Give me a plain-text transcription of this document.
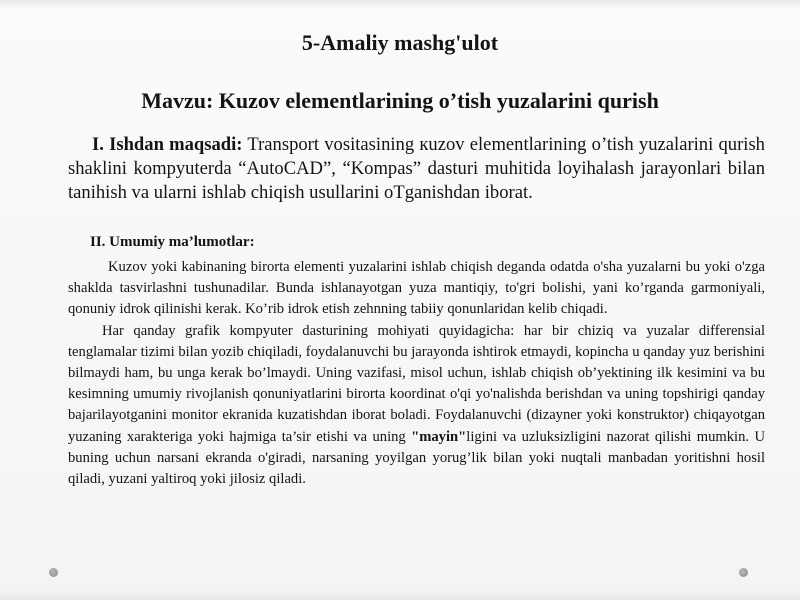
5-Amaliy mashg'ulot
Mavzu: Kuzov elementlarining o’tish yuzalarini qurish

I. Ishdan maqsadi: Transport vositasining кuzov elementlarining o’tish yuzalarini qurish shaklini kompyuterda “AutoCAD”, “Kompas” dasturi muhitida loyihalash jarayonlari bilan tanihish va ularni ishlab chiqish usullarini oTganishdan iborat.

II. Umumiy ma’lumotlar:

Kuzov yoki kabinaning birorta elementi yuzalarini ishlab chiqish deganda odatda o'sha yuzalarni bu yoki o'zga shaklda tasvirlashni tushunadilar. Bunda ishlanayotgan yuza mantiqiy, to'gri bolishi, yani ko’rganda garmoniyali, qonuniy idrok qilinishi kerak. Ko’rib idrok etish zehnning tabiiy qonunlaridan kelib chiqadi.

Har qanday grafik kompyuter dasturining mohiyati quyidagicha: har bir chiziq va yuzalar differensial tenglamalar tizimi bilan yozib chiqiladi, foydalanuvchi bu jarayonda ishtirok etmaydi, kopincha u qanday yuz berishini bilmaydi ham, bu unga kerak bo’lmaydi. Uning vazifasi, misol uchun, ishlab chiqish ob’yektining ilk kesimini va bu kesimning umumiy rivojlanish qonuniyatlarini birorta koordinat o'qi yo'nalishda berishdan va uning topshirigi qanday bajarilayotganini monitor ekranida kuzatishdan iborat boladi. Foydalanuvchi (dizayner yoki konstruktor) chiqayotgan yuzaning xarakteriga yoki hajmiga ta’sir etishi va uning "mayin"ligini va uzluksizligini nazorat qilishi mumkin. U buning uchun narsani ekranda o'giradi, narsaning yoyilgan yorug’lik bilan yoki nuqtali manbadan yoritishni hosil qiladi, yuzani yaltiroq yoki jilosiz qiladi.
